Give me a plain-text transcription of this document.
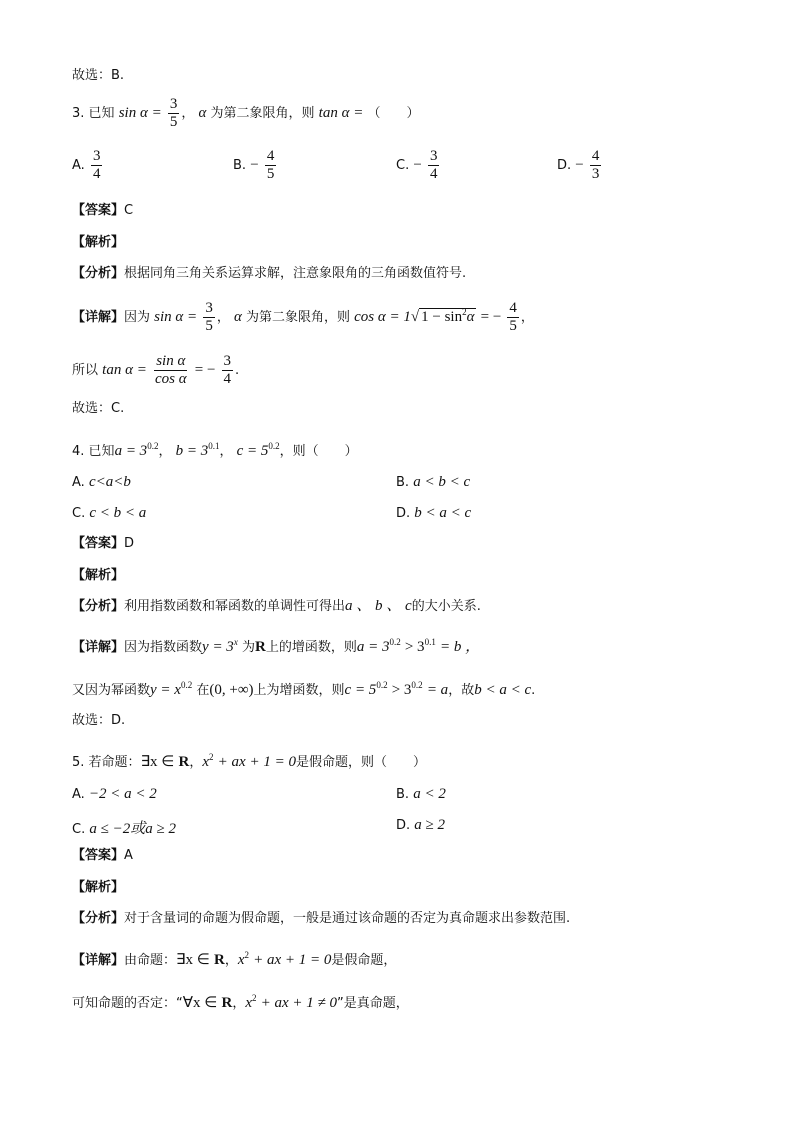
故选：B.
3. 已知 $\sin \alpha = \frac{3}{5}$ ， α 为第二象限角，则 tan α = （　　）
A. $\frac{3}{4}$	B. − $\frac{4}{5}$	C. − $\frac{3}{4}$	D. − $\frac{4}{3}$
【答案】C
【解析】
【分析】根据同角三角关系运算求解，注意象限角的三角函数值符号.
【详解】因为 $\sin \alpha = \frac{3}{5}$ ， α 为第二象限角，则 cos α = 1√ $1 - \sin^2\alpha$ = − $\frac{4}{5}$ ，
所以 $\tan \alpha = \frac{\text{sin α}}{\text{cos α}}$ = − $\frac{3}{4}$ .
故选：C.
4. 已知$a = 3^{0.2}$， $b = 3^{0.1}$， $c = 5^{0.2}$，则（　　）
A. c<a<b	B. a < b < c
C. c < b < a	D. b < a < c
【答案】D
【解析】
【分析】利用指数函数和幂函数的单调性可得出a 、 b 、 c的大小关系.
【详解】因为指数函数$y = 3^x$ 为R上的增函数，则$a = 3^{0.2} > 3^{0.1} = b$ ，
又因为幂函数$y = x^{0.2}$ 在(0, +∞)上为增函数，则$c = 5^{0.2} > 3^{0.2} = a$，故b < a < c.
故选：D.
5. 若命题：∃x ∈ R，$x^2$ + ax + 1 = 0是假命题，则（　　）
A. −2 < a < 2	B. a < 2
C. a ≤ −2或a ≥ 2	D. a ≥ 2
【答案】A
【解析】
【分析】对于含量词的命题为假命题，一般是通过该命题的否定为真命题求出参数范围.
【详解】由命题：∃x ∈ R，$x^2$ + ax + 1 = 0是假命题，
可知命题的否定：“∀x ∈ R，$x^2$ + ax + 1 ≠ 0”是真命题，
